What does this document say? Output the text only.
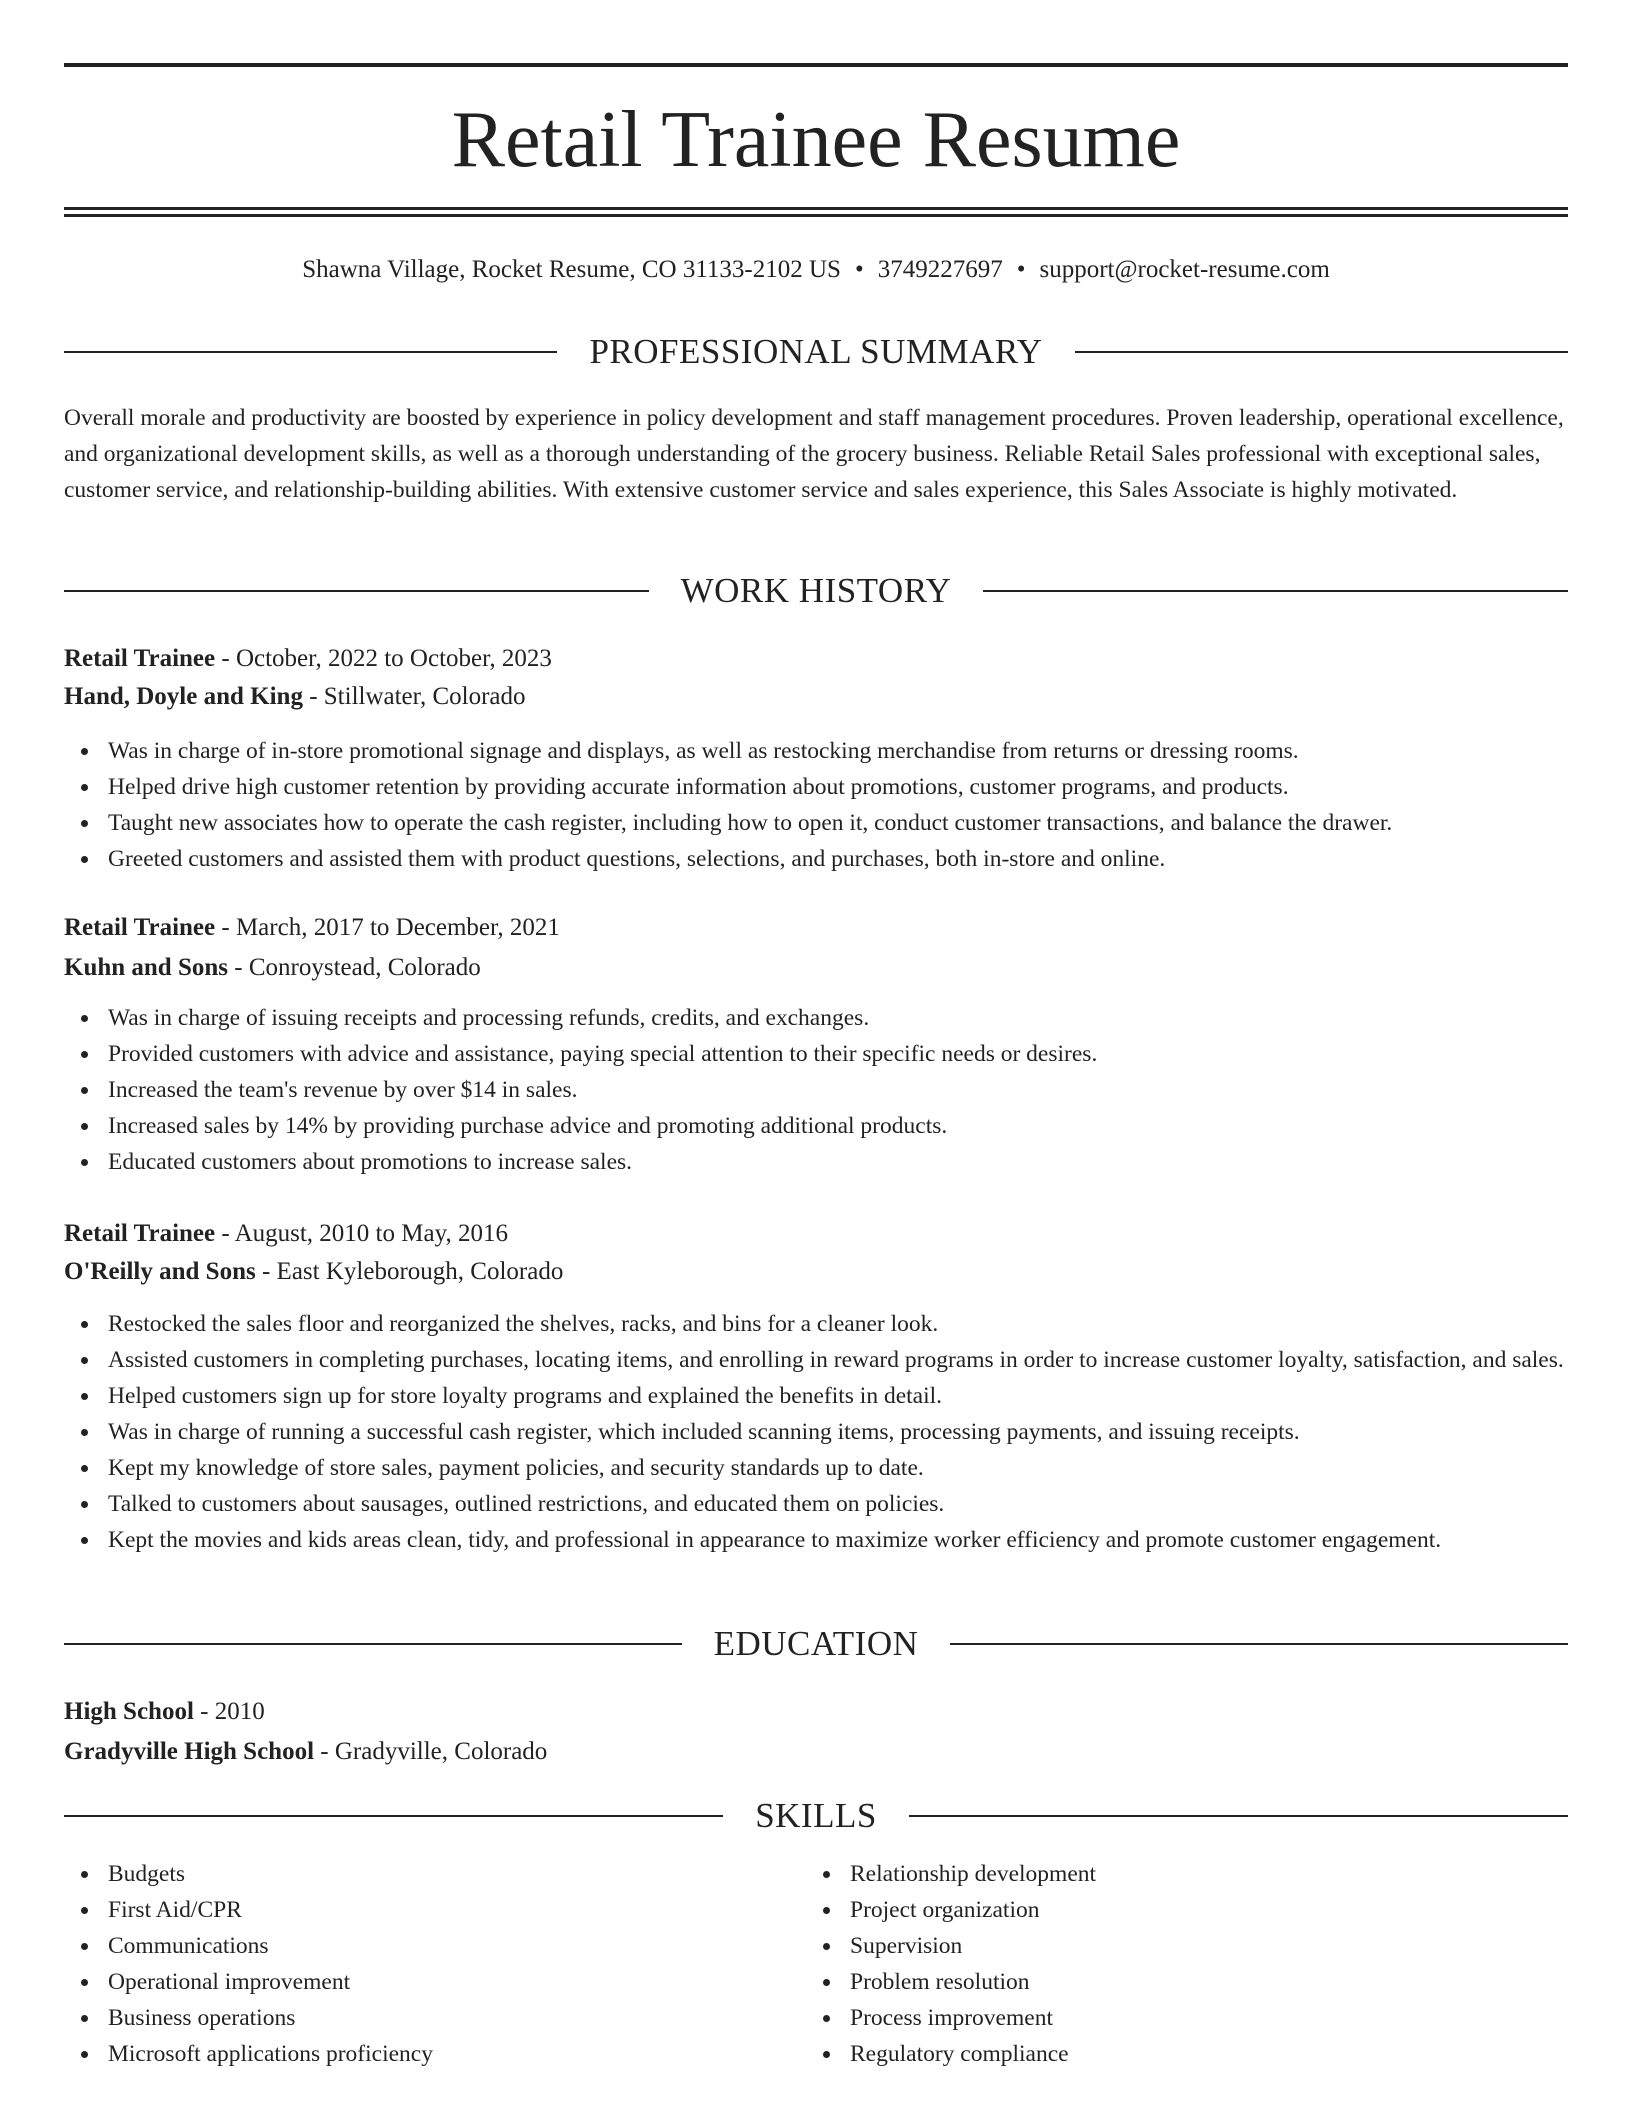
Retail Trainee Resume
Shawna Village, Rocket Resume, CO 31133-2102 US • 3749227697 • support@rocket-resume.com
PROFESSIONAL SUMMARY
Overall morale and productivity are boosted by experience in policy development and staff management procedures. Proven leadership, operational excellence, and organizational development skills, as well as a thorough understanding of the grocery business. Reliable Retail Sales professional with exceptional sales, customer service, and relationship-building abilities. With extensive customer service and sales experience, this Sales Associate is highly motivated.
WORK HISTORY

Retail Trainee - October, 2022 to October, 2023

Hand, Doyle and King - Stillwater, Colorado

Was in charge of in-store promotional signage and displays, as well as restocking merchandise from returns or dressing rooms.
Helped drive high customer retention by providing accurate information about promotions, customer programs, and products.
Taught new associates how to operate the cash register, including how to open it, conduct customer transactions, and balance the drawer.
Greeted customers and assisted them with product questions, selections, and purchases, both in-store and online.

Retail Trainee - March, 2017 to December, 2021

Kuhn and Sons - Conroystead, Colorado

Was in charge of issuing receipts and processing refunds, credits, and exchanges.
Provided customers with advice and assistance, paying special attention to their specific needs or desires.
Increased the team's revenue by over $14 in sales.
Increased sales by 14% by providing purchase advice and promoting additional products.
Educated customers about promotions to increase sales.

Retail Trainee - August, 2010 to May, 2016

O'Reilly and Sons - East Kyleborough, Colorado

Restocked the sales floor and reorganized the shelves, racks, and bins for a cleaner look.
Assisted customers in completing purchases, locating items, and enrolling in reward programs in order to increase customer loyalty, satisfaction, and sales.
Helped customers sign up for store loyalty programs and explained the benefits in detail.
Was in charge of running a successful cash register, which included scanning items, processing payments, and issuing receipts.
Kept my knowledge of store sales, payment policies, and security standards up to date.
Talked to customers about sausages, outlined restrictions, and educated them on policies.
Kept the movies and kids areas clean, tidy, and professional in appearance to maximize worker efficiency and promote customer engagement.
EDUCATION

High School - 2010

Gradyville High School - Gradyville, Colorado

SKILLS
Budgets
First Aid/CPR
Communications
Operational improvement
Business operations
Microsoft applications proficiency
Relationship development
Project organization
Supervision
Problem resolution
Process improvement
Regulatory compliance
